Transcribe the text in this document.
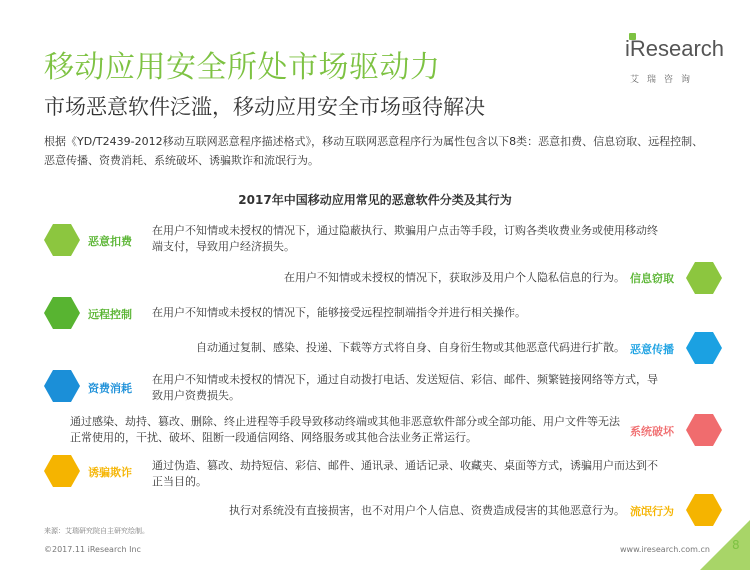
移动应用安全所处市场驱动力
市场恶意软件泛滥，移动应用安全市场亟待解决
iResearch
艾瑞咨询
根据《YD/T2439-2012移动互联网恶意程序描述格式》，移动互联网恶意程序行为属性包含以下8类：恶意扣费、信息窃取、远程控制、恶意传播、资费消耗、系统破坏、诱骗欺诈和流氓行为。
2017年中国移动应用常见的恶意软件分类及其行为
恶意扣费
在用户不知情或未授权的情况下，通过隐蔽执行、欺骗用户点击等手段，订购各类收费业务或使用移动终端支付，导致用户经济损失。
在用户不知情或未授权的情况下，获取涉及用户个人隐私信息的行为。 信息窃取
远程控制 在用户不知情或未授权的情况下，能够接受远程控制端指令并进行相关操作。
自动通过复制、感染、投递、下载等方式将自身、自身衍生物或其他恶意代码进行扩散。 恶意传播
资费消耗
在用户不知情或未授权的情况下，通过自动拨打电话、发送短信、彩信、邮件、频繁链接网络等方式，导致用户资费损失。
通过感染、劫持、篡改、删除、终止进程等手段导致移动终端或其他非恶意软件部分或全部功能、用户文件等无法正常使用的，干扰、破坏、阻断一段通信网络、网络服务或其他合法业务正常运行。	系统破坏
诱骗欺诈
通过伪造、篡改、劫持短信、彩信、邮件、通讯录、通话记录、收藏夹、桌面等方式，诱骗用户而达到不正当目的。
执行对系统没有直接损害，也不对用户个人信息、资费造成侵害的其他恶意行为。 流氓行为
来源：艾瑞研究院自主研究绘制。
©2017.11 iResearch Inc	www.iresearch.com.cn 8
